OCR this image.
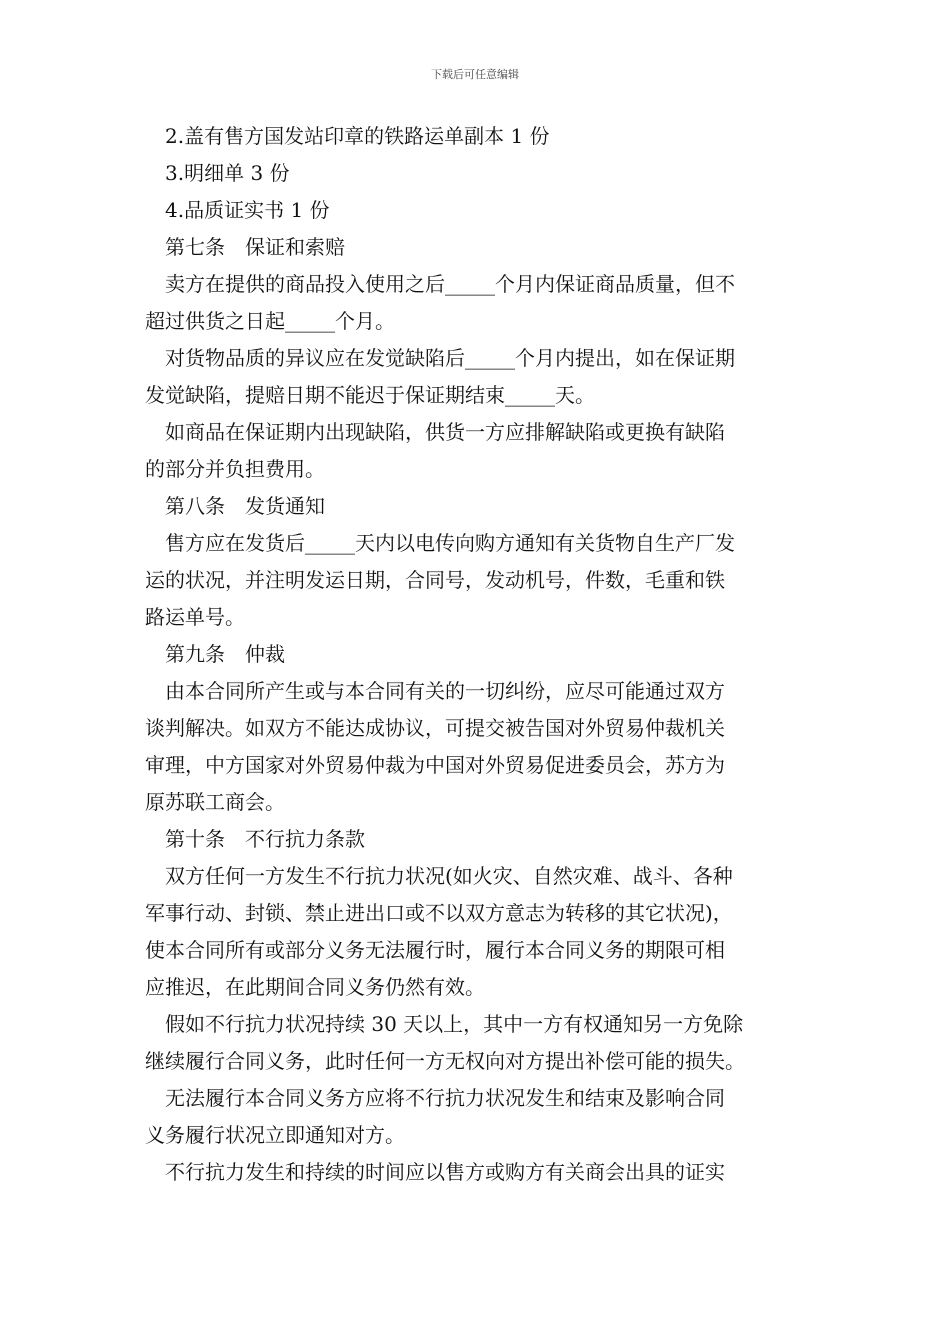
下载后可任意编辑
2.盖有售方国发站印章的铁路运单副本 1 份
3.明细单 3 份
4.品质证实书 1 份
第七条　保证和索赔
卖方在提供的商品投入使用之后_____个月内保证商品质量，但不
超过供货之日起_____个月。
对货物品质的异议应在发觉缺陷后_____个月内提出，如在保证期
发觉缺陷，提赔日期不能迟于保证期结束_____天。
如商品在保证期内出现缺陷，供货一方应排解缺陷或更换有缺陷
的部分并负担费用。
第八条　发货通知
售方应在发货后_____天内以电传向购方通知有关货物自生产厂发
运的状况，并注明发运日期，合同号，发动机号，件数，毛重和铁
路运单号。
第九条　仲裁
由本合同所产生或与本合同有关的一切纠纷，应尽可能通过双方
谈判解决。如双方不能达成协议，可提交被告国对外贸易仲裁机关
审理，中方国家对外贸易仲裁为中国对外贸易促进委员会，苏方为
原苏联工商会。
第十条　不行抗力条款
双方任何一方发生不行抗力状况(如火灾、自然灾难、战斗、各种
军事行动、封锁、禁止进出口或不以双方意志为转移的其它状况)，
使本合同所有或部分义务无法履行时，履行本合同义务的期限可相
应推迟，在此期间合同义务仍然有效。
假如不行抗力状况持续 30 天以上，其中一方有权通知另一方免除
继续履行合同义务，此时任何一方无权向对方提出补偿可能的损失。
无法履行本合同义务方应将不行抗力状况发生和结束及影响合同
义务履行状况立即通知对方。
不行抗力发生和持续的时间应以售方或购方有关商会出具的证实
